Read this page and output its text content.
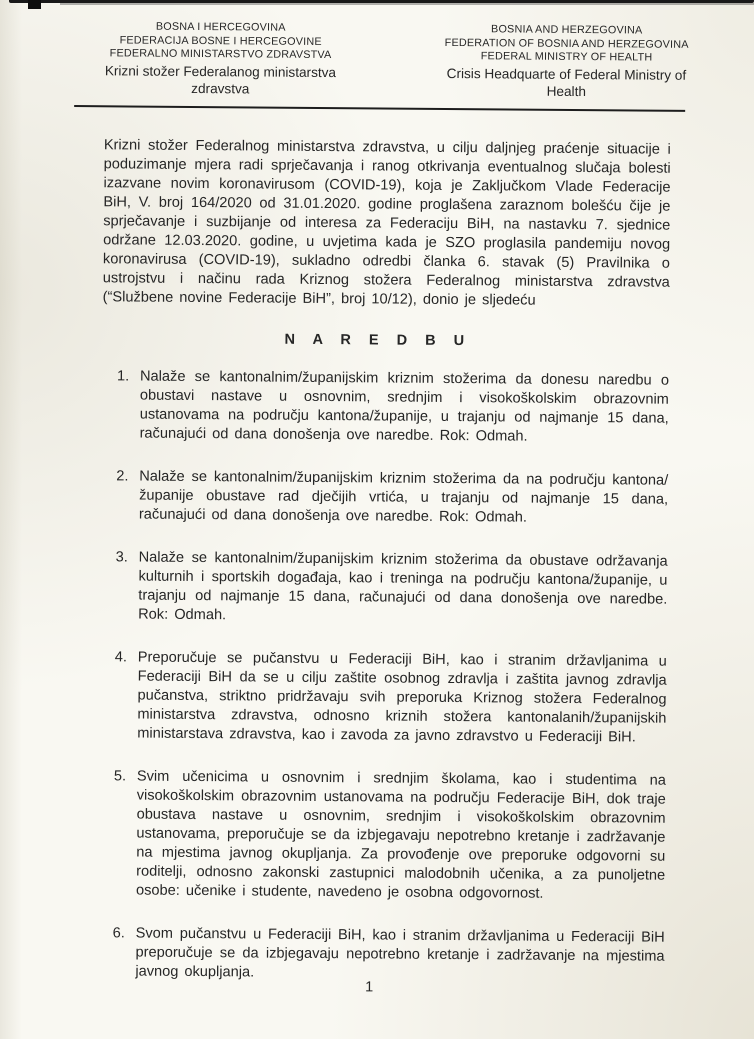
BOSNA I HERCEGOVINA
FEDERACIJA BOSNE I HERCEGOVINE
FEDERALNO MINISTARSTVO ZDRAVSTVA
Krizni stožer Federalanog ministarstva zdravstva
BOSNIA AND HERZEGOVINA
FEDERATION OF BOSNIA AND HERZEGOVINA
FEDERAL MINISTRY OF HEALTH
Crisis Headquarte of Federal Ministry of Health

Krizni stožer Federalnog ministarstva zdravstva, u cilju daljnjeg praćenje situacije i poduzimanje mjera radi sprječavanja i ranog otkrivanja eventualnog slučaja bolesti izazvane novim koronavirusom (COVID-19), koja je Zaključkom Vlade Federacije BiH, V. broj 164/2020 od 31.01.2020. godine proglašena zaraznom bolešću čije je sprječavanje i suzbijanje od interesa za Federaciju BiH, na nastavku 7. sjednice održane 12.03.2020. godine, u uvjetima kada je SZO proglasila pandemiju novog koronavirusa (COVID-19), sukladno odredbi članka 6. stavak (5) Pravilnika o ustrojstvu i načinu rada Kriznog stožera Federalnog ministarstva zdravstva (“Službene novine Federacije BiH”, broj 10/12), donio je sljedeću

N A R E D B U
1. Nalaže se kantonalnim/županijskim kriznim stožerima da donesu naredbu o obustavi nastave u osnovnim, srednjim i visokoškolskim obrazovnim ustanovama na području kantona/županije, u trajanju od najmanje 15 dana, računajući od dana donošenja ove naredbe. Rok: Odmah.
2. Nalaže se kantonalnim/županijskim kriznim stožerima da na području kantona/županije obustave rad dječijih vrtića, u trajanju od najmanje 15 dana, računajući od dana donošenja ove naredbe. Rok: Odmah.
3. Nalaže se kantonalnim/županijskim kriznim stožerima da obustave održavanja kulturnih i sportskih događaja, kao i treninga na području kantona/županije, u trajanju od najmanje 15 dana, računajući od dana donošenja ove naredbe. Rok: Odmah.
4. Preporučuje se pučanstvu u Federaciji BiH, kao i stranim državljanima u Federaciji BiH da se u cilju zaštite osobnog zdravlja i zaštita javnog zdravlja pučanstva, striktno pridržavaju svih preporuka Kriznog stožera Federalnog ministarstva zdravstva, odnosno kriznih stožera kantonalanih/županijskih ministarstava zdravstva, kao i zavoda za javno zdravstvo u Federaciji BiH.
5. Svim učenicima u osnovnim i srednjim školama, kao i studentima na visokoškolskim obrazovnim ustanovama na području Federacije BiH, dok traje obustava nastave u osnovnim, srednjim i visokoškolskim obrazovnim ustanovama, preporučuje se da izbjegavaju nepotrebno kretanje i zadržavanje na mjestima javnog okupljanja. Za provođenje ove preporuke odgovorni su roditelji, odnosno zakonski zastupnici malodobnih učenika, a za punoljetne osobe: učenike i studente, navedeno je osobna odgovornost.
6. Svom pučanstvu u Federaciji BiH, kao i stranim državljanima u Federaciji BiH preporučuje se da izbjegavaju nepotrebno kretanje i zadržavanje na mjestima javnog okupljanja.
1
